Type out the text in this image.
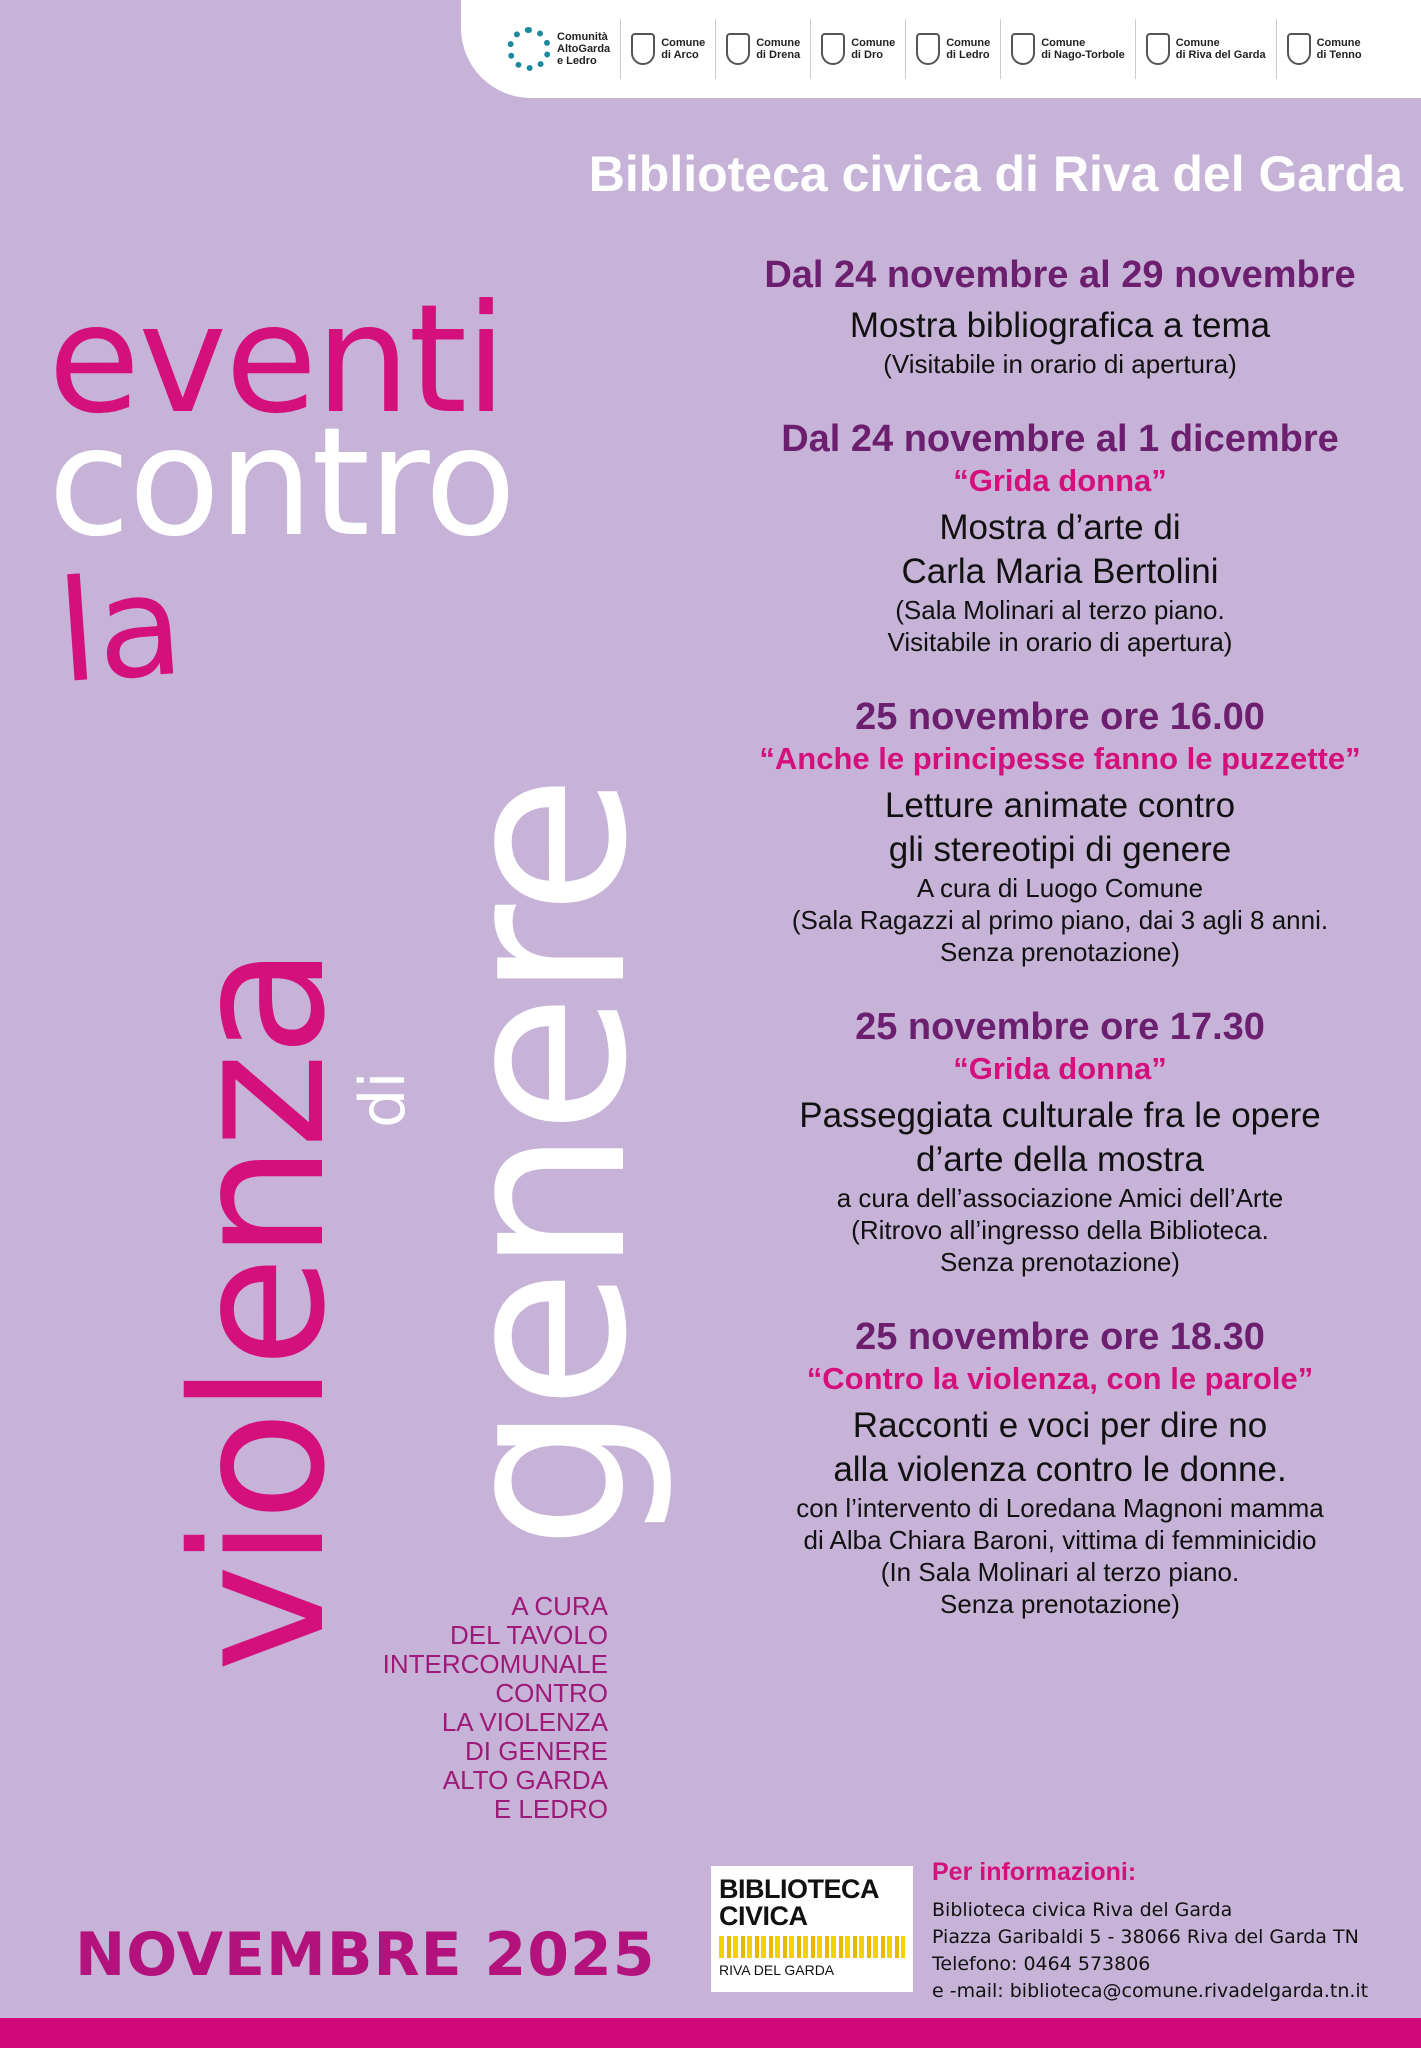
Comunità
AltoGarda
e Ledro
Comune
di Arco
Comune
di Drena
Comune
di Dro
Comune
di Ledro
Comune
di Nago-Torbole
Comune
di Riva del Garda
Comune
di Tenno
Biblioteca civica di Riva del Garda
eventi
contro
la
violenza
di
genere
A CURA
DEL TAVOLO
INTERCOMUNALE
CONTRO
LA VIOLENZA
DI GENERE
ALTO GARDA
E LEDRO
NOVEMBRE 2025
Dal 24 novembre al 29 novembre
Mostra bibliografica a tema
(Visitabile in orario di apertura)
Dal 24 novembre al 1 dicembre
“Grida donna”
Mostra d’arte di
Carla Maria Bertolini
(Sala Molinari al terzo piano.
Visitabile in orario di apertura)
25 novembre ore 16.00
“Anche le principesse fanno le puzzette”
Letture animate contro
gli stereotipi di genere
A cura di Luogo Comune
(Sala Ragazzi al primo piano, dai 3 agli 8 anni.
Senza prenotazione)
25 novembre ore 17.30
“Grida donna”
Passeggiata culturale fra le opere
d’arte della mostra
a cura dell’associazione Amici dell’Arte
(Ritrovo all’ingresso della Biblioteca.
Senza prenotazione)
25 novembre ore 18.30
“Contro la violenza, con le parole”
Racconti e voci per dire no
alla violenza contro le donne.
con l’intervento di Loredana Magnoni mamma
di Alba Chiara Baroni, vittima di femminicidio
(In Sala Molinari al terzo piano.
Senza prenotazione)
BIBLIOTECA
CIVICA
RIVA DEL GARDA
Per informazioni:
Biblioteca civica Riva del Garda
Piazza Garibaldi 5 - 38066 Riva del Garda TN
Telefono: 0464 573806
e -mail: biblioteca@comune.rivadelgarda.tn.it
